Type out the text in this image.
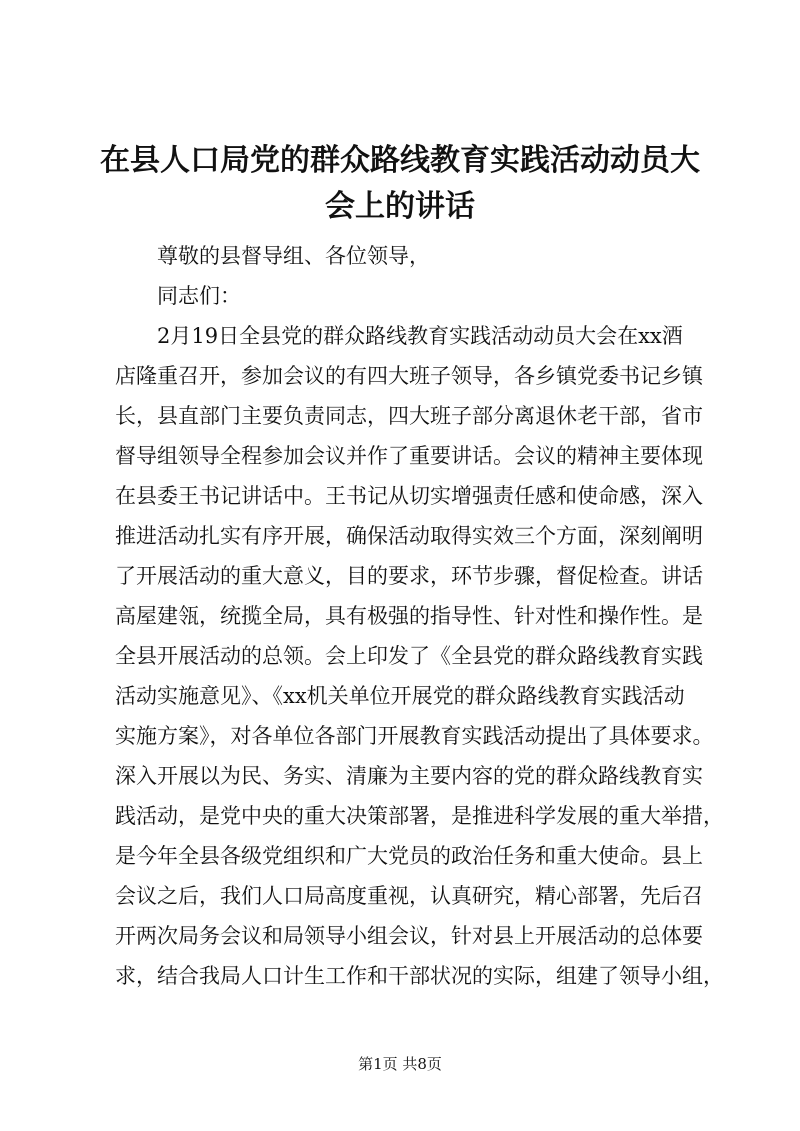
在县人口局党的群众路线教育实践活动动员大
会上的讲话
尊敬的县督导组、各位领导，
同志们：
2月19日全县党的群众路线教育实践活动动员大会在xx酒
店隆重召开，参加会议的有四大班子领导，各乡镇党委书记乡镇
长，县直部门主要负责同志，四大班子部分离退休老干部，省市
督导组领导全程参加会议并作了重要讲话。会议的精神主要体现
在县委王书记讲话中。王书记从切实增强责任感和使命感，深入
推进活动扎实有序开展，确保活动取得实效三个方面，深刻阐明
了开展活动的重大意义，目的要求，环节步骤，督促检查。讲话
高屋建瓴，统揽全局，具有极强的指导性、针对性和操作性。是
全县开展活动的总领。会上印发了《全县党的群众路线教育实践
活动实施意见》、《xx机关单位开展党的群众路线教育实践活动
实施方案》，对各单位各部门开展教育实践活动提出了具体要求。
深入开展以为民、务实、清廉为主要内容的党的群众路线教育实
践活动，是党中央的重大决策部署，是推进科学发展的重大举措，
是今年全县各级党组织和广大党员的政治任务和重大使命。县上
会议之后，我们人口局高度重视，认真研究，精心部署，先后召
开两次局务会议和局领导小组会议，针对县上开展活动的总体要
求，结合我局人口计生工作和干部状况的实际，组建了领导小组，
第1页 共8页
